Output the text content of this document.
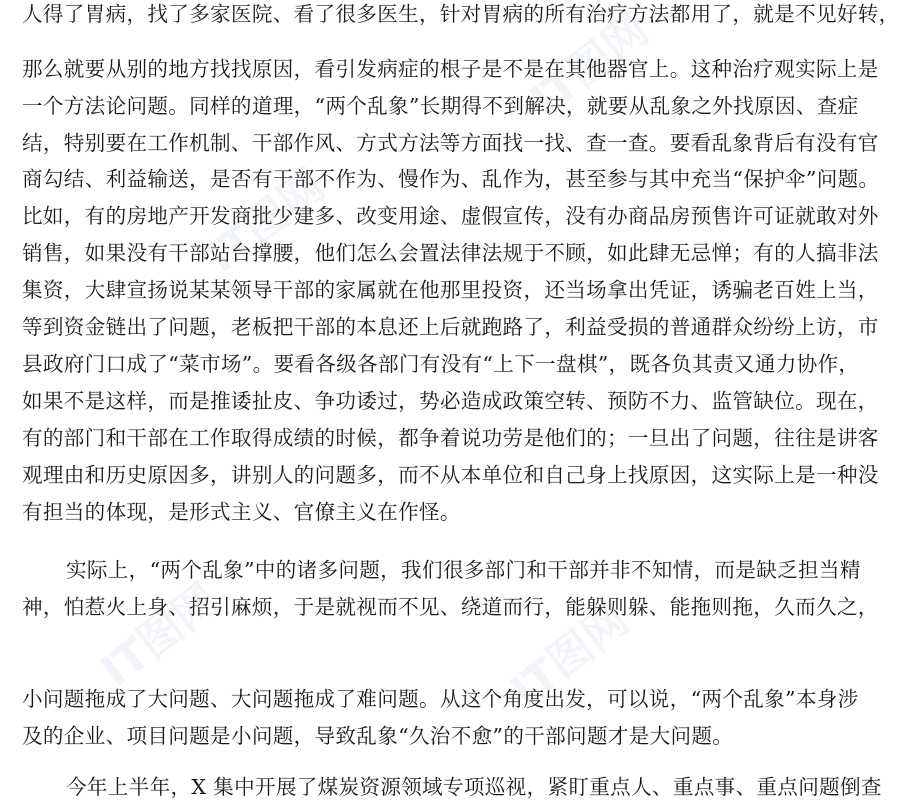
IT图网
IT图网
IT图网
IT图网
人得了胃病，找了多家医院、看了很多医生，针对胃病的所有治疗方法都用了，就是不见好转，
那么就要从别的地方找找原因，看引发病症的根子是不是在其他器官上。这种治疗观实际上是
一个方法论问题。同样的道理，“两个乱象”长期得不到解决，就要从乱象之外找原因、查症
结，特别要在工作机制、干部作风、方式方法等方面找一找、查一查。要看乱象背后有没有官
商勾结、利益输送，是否有干部不作为、慢作为、乱作为，甚至参与其中充当“保护伞”问题。
比如，有的房地产开发商批少建多、改变用途、虚假宣传，没有办商品房预售许可证就敢对外
销售，如果没有干部站台撑腰，他们怎么会置法律法规于不顾，如此肆无忌惮；有的人搞非法
集资，大肆宣扬说某某领导干部的家属就在他那里投资，还当场拿出凭证，诱骗老百姓上当，
等到资金链出了问题，老板把干部的本息还上后就跑路了，利益受损的普通群众纷纷上访，市
县政府门口成了“菜市场”。要看各级各部门有没有“上下一盘棋”，既各负其责又通力协作，
如果不是这样，而是推诿扯皮、争功诿过，势必造成政策空转、预防不力、监管缺位。现在，
有的部门和干部在工作取得成绩的时候，都争着说功劳是他们的；一旦出了问题，往往是讲客
观理由和历史原因多，讲别人的问题多，而不从本单位和自己身上找原因，这实际上是一种没
有担当的体现，是形式主义、官僚主义在作怪。
实际上，“两个乱象”中的诸多问题，我们很多部门和干部并非不知情，而是缺乏担当精
神，怕惹火上身、招引麻烦，于是就视而不见、绕道而行，能躲则躲、能拖则拖，久而久之，
小问题拖成了大问题、大问题拖成了难问题。从这个角度出发，可以说，“两个乱象”本身涉
及的企业、项目问题是小问题，导致乱象“久治不愈”的干部问题才是大问题。
今年上半年，X 集中开展了煤炭资源领域专项巡视，紧盯重点人、重点事、重点问题倒查
